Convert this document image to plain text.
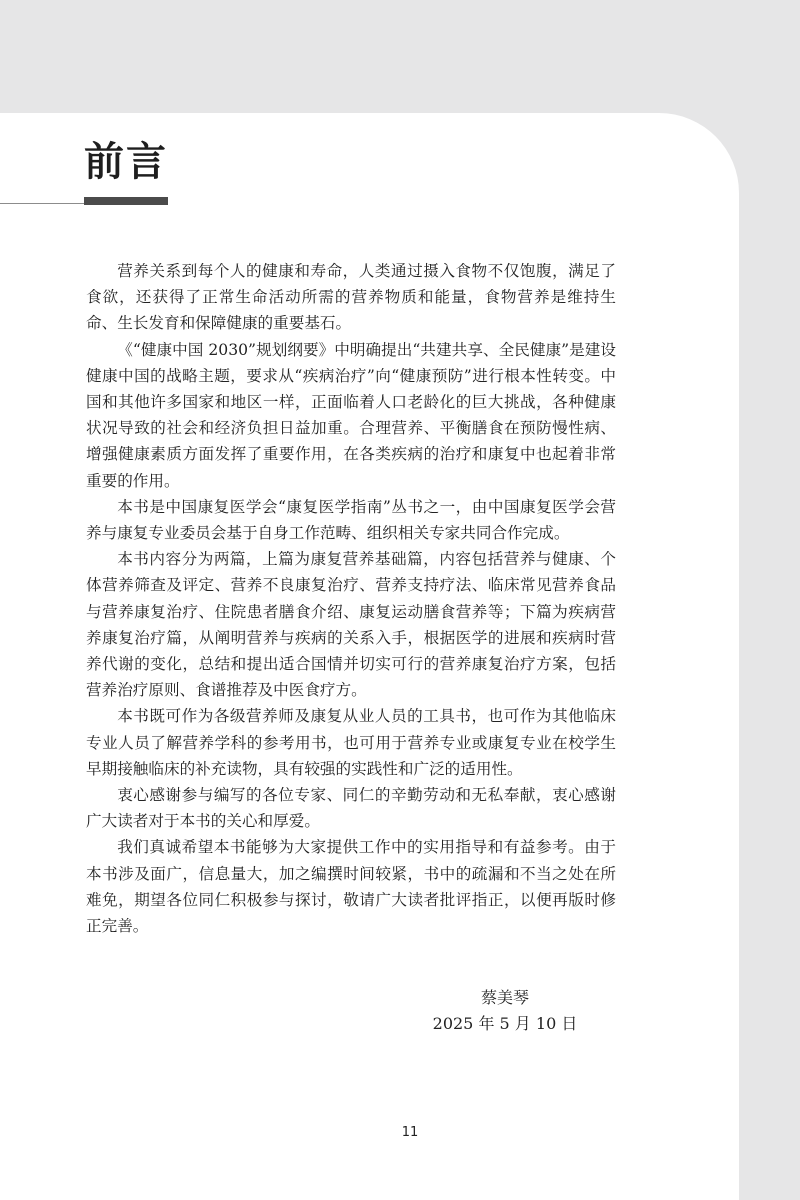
前言

营养关系到每个人的健康和寿命，人类通过摄入食物不仅饱腹，满足了食欲，还获得了正常生命活动所需的营养物质和能量，食物营养是维持生命、生长发育和保障健康的重要基石。

《“健康中国 2030”规划纲要》中明确提出“共建共享、全民健康”是建设健康中国的战略主题，要求从“疾病治疗”向“健康预防”进行根本性转变。中国和其他许多国家和地区一样，正面临着人口老龄化的巨大挑战，各种健康状况导致的社会和经济负担日益加重。合理营养、平衡膳食在预防慢性病、增强健康素质方面发挥了重要作用，在各类疾病的治疗和康复中也起着非常重要的作用。

本书是中国康复医学会“康复医学指南”丛书之一，由中国康复医学会营养与康复专业委员会基于自身工作范畴、组织相关专家共同合作完成。

本书内容分为两篇，上篇为康复营养基础篇，内容包括营养与健康、个体营养筛查及评定、营养不良康复治疗、营养支持疗法、临床常见营养食品与营养康复治疗、住院患者膳食介绍、康复运动膳食营养等；下篇为疾病营养康复治疗篇，从阐明营养与疾病的关系入手，根据医学的进展和疾病时营养代谢的变化，总结和提出适合国情并切实可行的营养康复治疗方案，包括营养治疗原则、食谱推荐及中医食疗方。

本书既可作为各级营养师及康复从业人员的工具书，也可作为其他临床专业人员了解营养学科的参考用书，也可用于营养专业或康复专业在校学生早期接触临床的补充读物，具有较强的实践性和广泛的适用性。

衷心感谢参与编写的各位专家、同仁的辛勤劳动和无私奉献，衷心感谢广大读者对于本书的关心和厚爱。

我们真诚希望本书能够为大家提供工作中的实用指导和有益参考。由于本书涉及面广，信息量大，加之编撰时间较紧，书中的疏漏和不当之处在所难免，期望各位同仁积极参与探讨，敬请广大读者批评指正，以便再版时修正完善。

蔡美琴
2025 年 5 月 10 日
11
